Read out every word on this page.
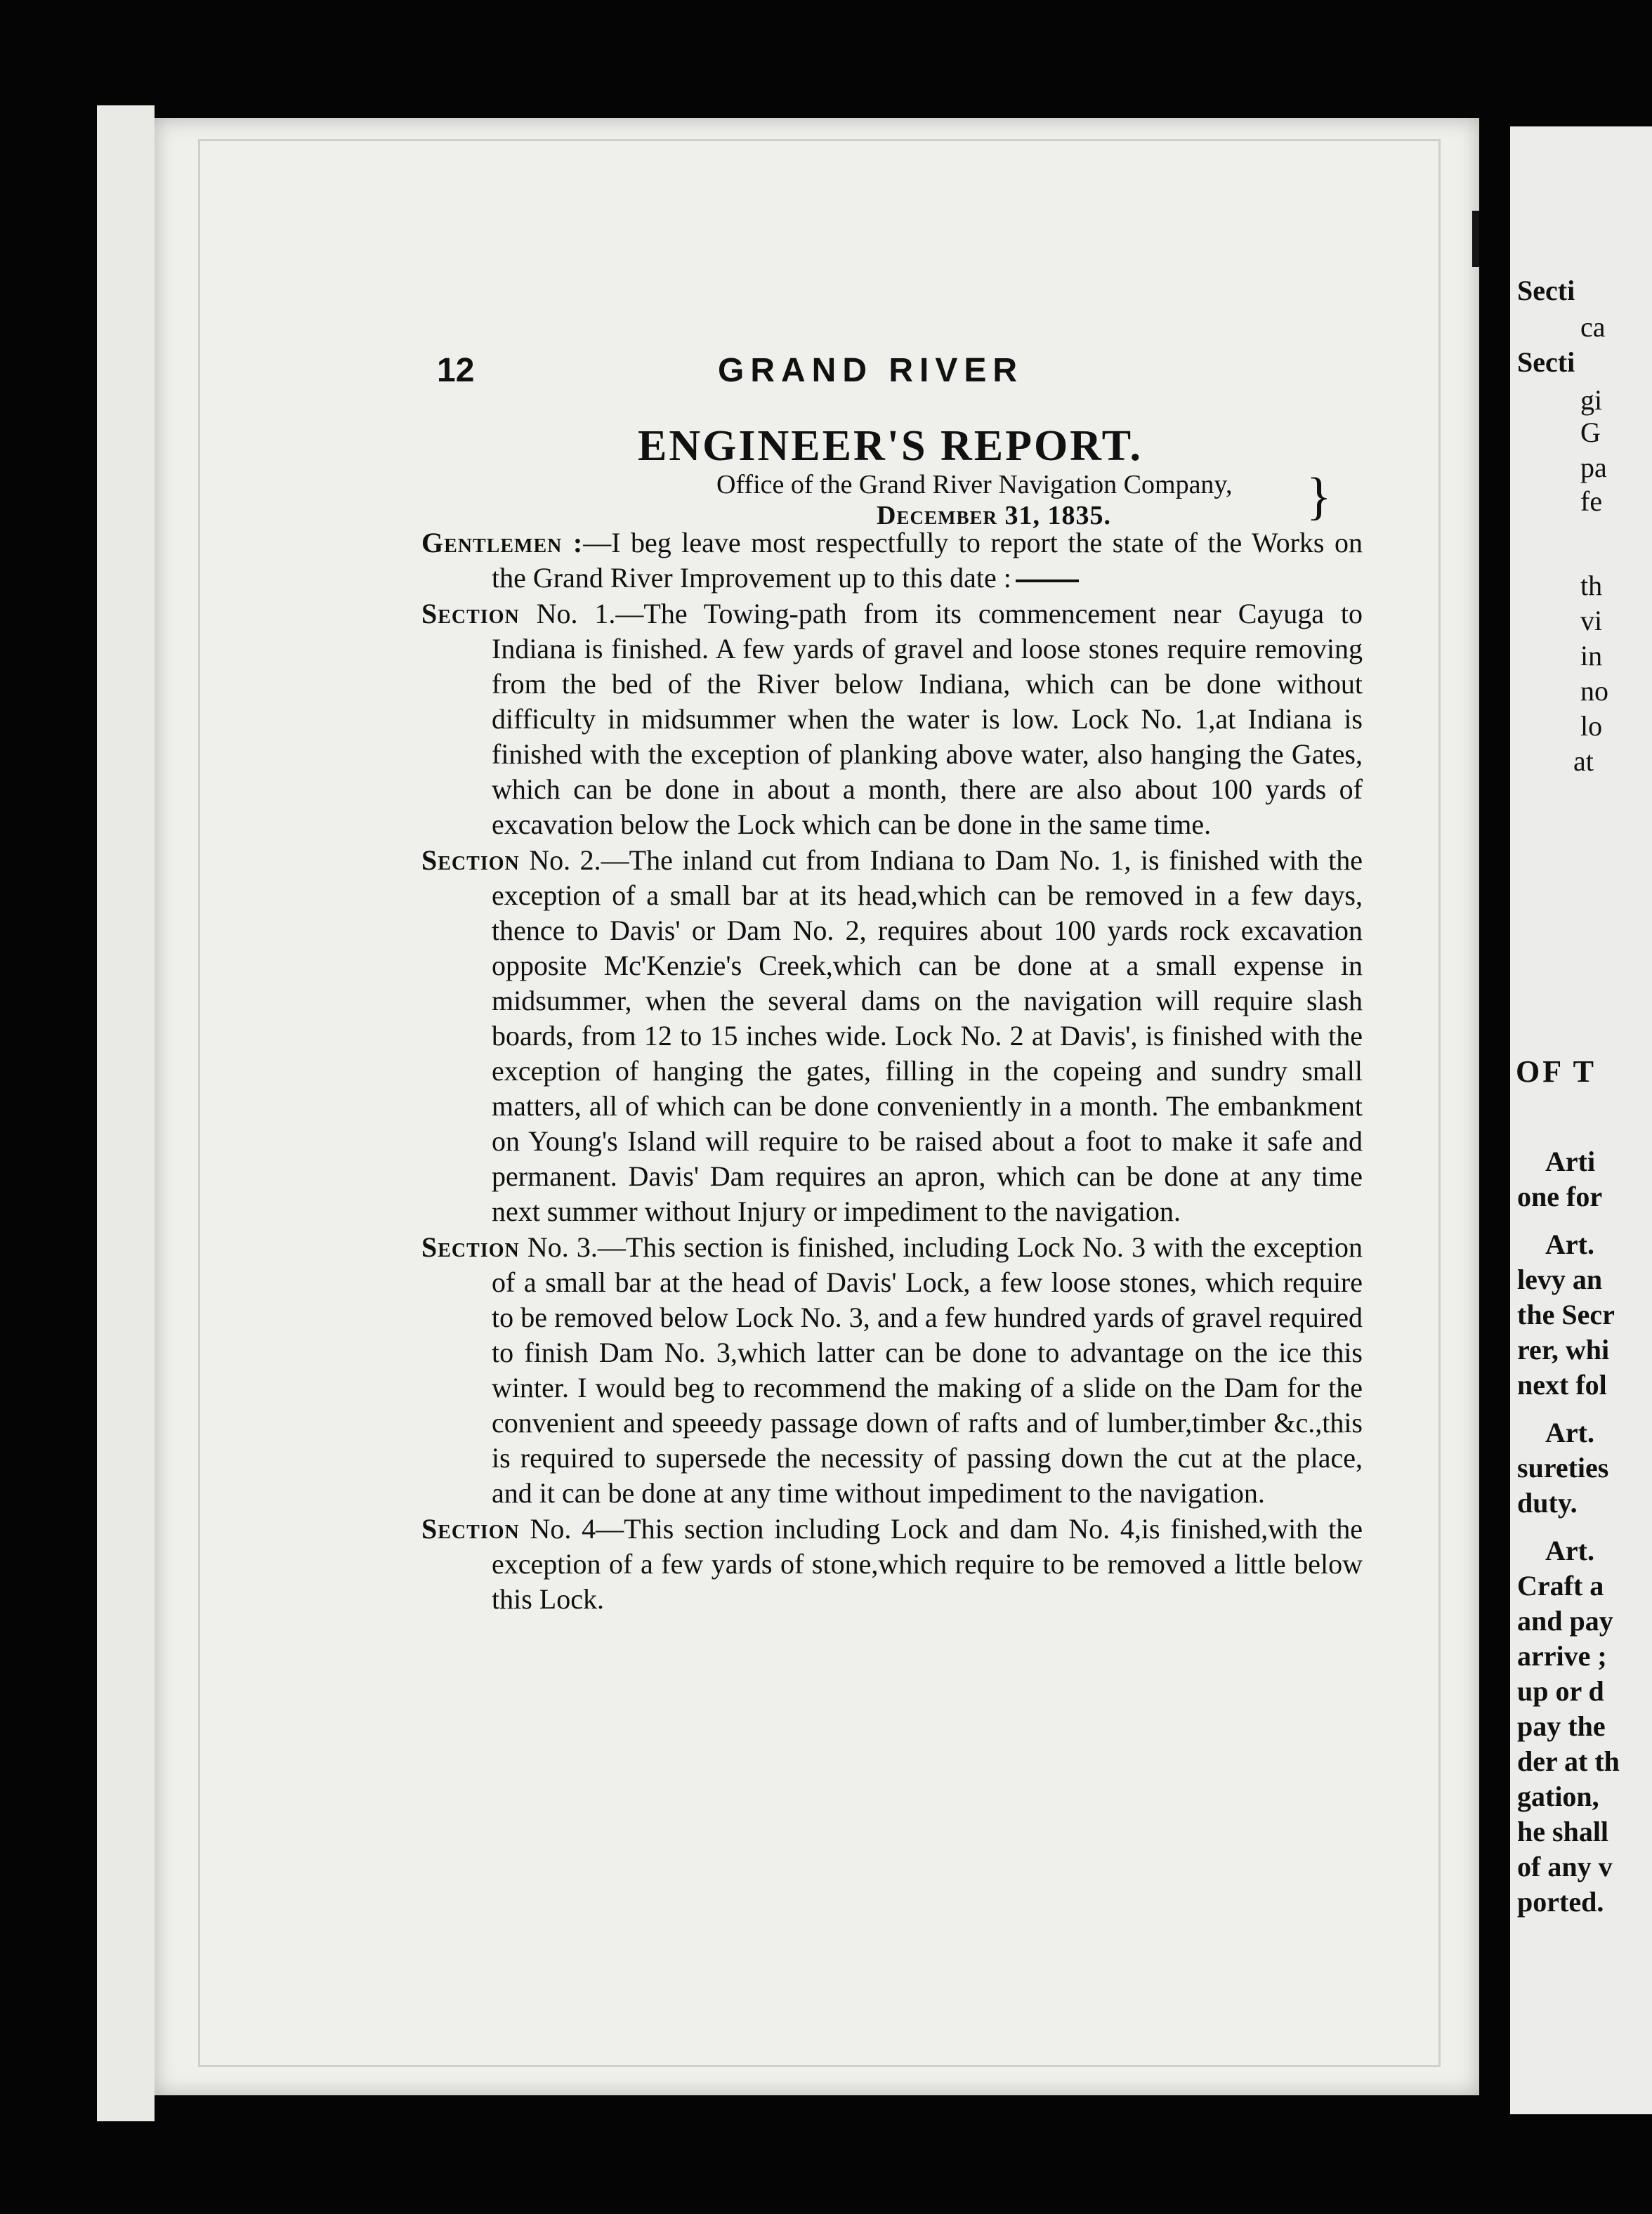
12	GRAND RIVER
ENGINEER'S REPORT.
Office of the Grand River Navigation Company,
December 31, 1835.	}

Gentlemen :—I beg leave most respectfully to report the state of the Works on the Grand River Improvement up to this date :

Section No. 1.—The Towing-path from its commencement near Cayuga to Indiana is finished. A few yards of gravel and loose stones require removing from the bed of the River below Indiana, which can be done without difficulty in midsummer when the water is low. Lock No. 1,at Indiana is finished with the exception of planking above water, also hanging the Gates, which can be done in about a month, there are also about 100 yards of excavation below the Lock which can be done in the same time.

Section No. 2.—The inland cut from Indiana to Dam No. 1, is finished with the exception of a small bar at its head,which can be removed in a few days, thence to Davis' or Dam No. 2, requires about 100 yards rock excavation opposite Mc'Kenzie's Creek,which can be done at a small expense in midsummer, when the several dams on the navigation will require slash boards, from 12 to 15 inches wide. Lock No. 2 at Davis', is finished with the exception of hanging the gates, filling in the copeing and sundry small matters, all of which can be done conveniently in a month. The embankment on Young's Island will require to be raised about a foot to make it safe and permanent. Davis' Dam requires an apron, which can be done at any time next summer without Injury or impediment to the navigation.

Section No. 3.—This section is finished, including Lock No. 3 with the exception of a small bar at the head of Davis' Lock, a few loose stones, which require to be removed below Lock No. 3, and a few hundred yards of gravel required to finish Dam No. 3,which latter can be done to advantage on the ice this winter. I would beg to recommend the making of a slide on the Dam for the convenient and speeedy passage down of rafts and of lumber,timber &c.,this is required to supersede the necessity of passing down the cut at the place, and it can be done at any time without impediment to the navigation.

Section No. 4—This section including Lock and dam No. 4,is finished,with the exception of a few yards of stone,which require to be removed a little below this Lock.

OF T
Secti
ca
Secti
gi
G
pa
fe
th
vi
in
no
lo
at
Arti
one for
Art.
levy an
the Secr
rer, whi
next fol
Art.
sureties
duty.
Art.
Craft a
and pay
arrive ;
up or d
pay the
der at th
gation,
he shall
of any v
ported.
